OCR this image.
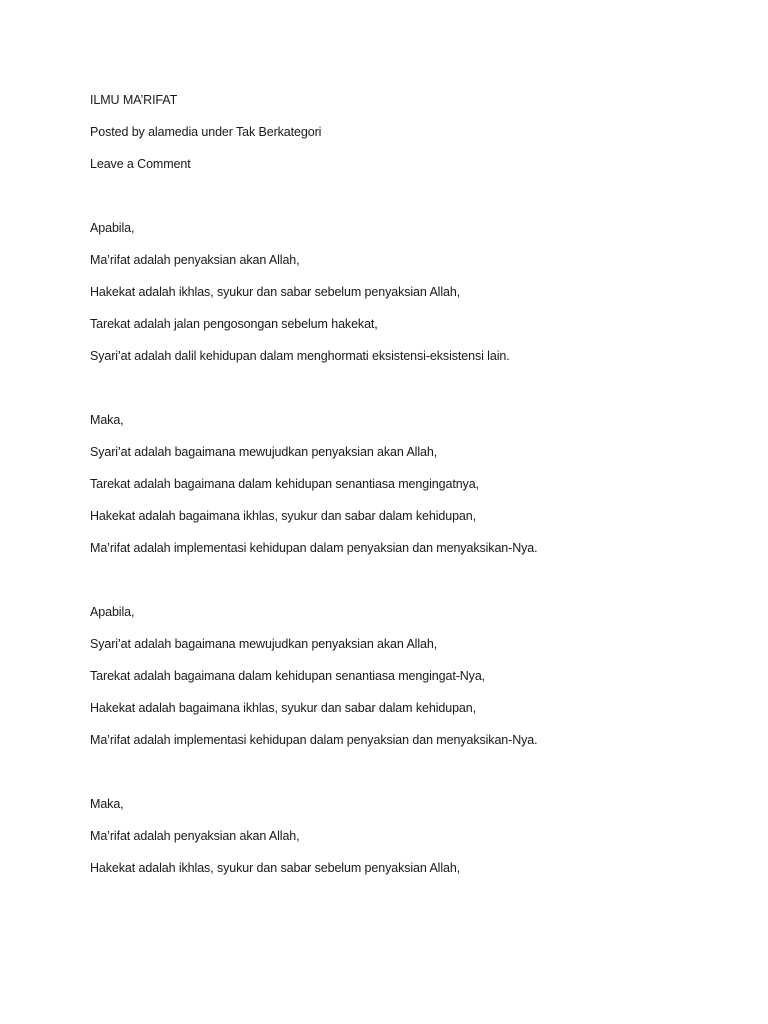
ILMU MA’RIFAT
Posted by alamedia under Tak Berkategori
Leave a Comment
Apabila,
Ma’rifat adalah penyaksian akan Allah,
Hakekat adalah ikhlas, syukur dan sabar sebelum penyaksian Allah,
Tarekat adalah jalan pengosongan sebelum hakekat,
Syari’at adalah dalil kehidupan dalam menghormati eksistensi-eksistensi lain.
Maka,
Syari’at adalah bagaimana mewujudkan penyaksian akan Allah,
Tarekat adalah bagaimana dalam kehidupan senantiasa mengingatnya,
Hakekat adalah bagaimana ikhlas, syukur dan sabar dalam kehidupan,
Ma’rifat adalah implementasi kehidupan dalam penyaksian dan menyaksikan-Nya.
Apabila,
Syari’at adalah bagaimana mewujudkan penyaksian akan Allah,
Tarekat adalah bagaimana dalam kehidupan senantiasa mengingat-Nya,
Hakekat adalah bagaimana ikhlas, syukur dan sabar dalam kehidupan,
Ma’rifat adalah implementasi kehidupan dalam penyaksian dan menyaksikan-Nya.
Maka,
Ma’rifat adalah penyaksian akan Allah,
Hakekat adalah ikhlas, syukur dan sabar sebelum penyaksian Allah,
